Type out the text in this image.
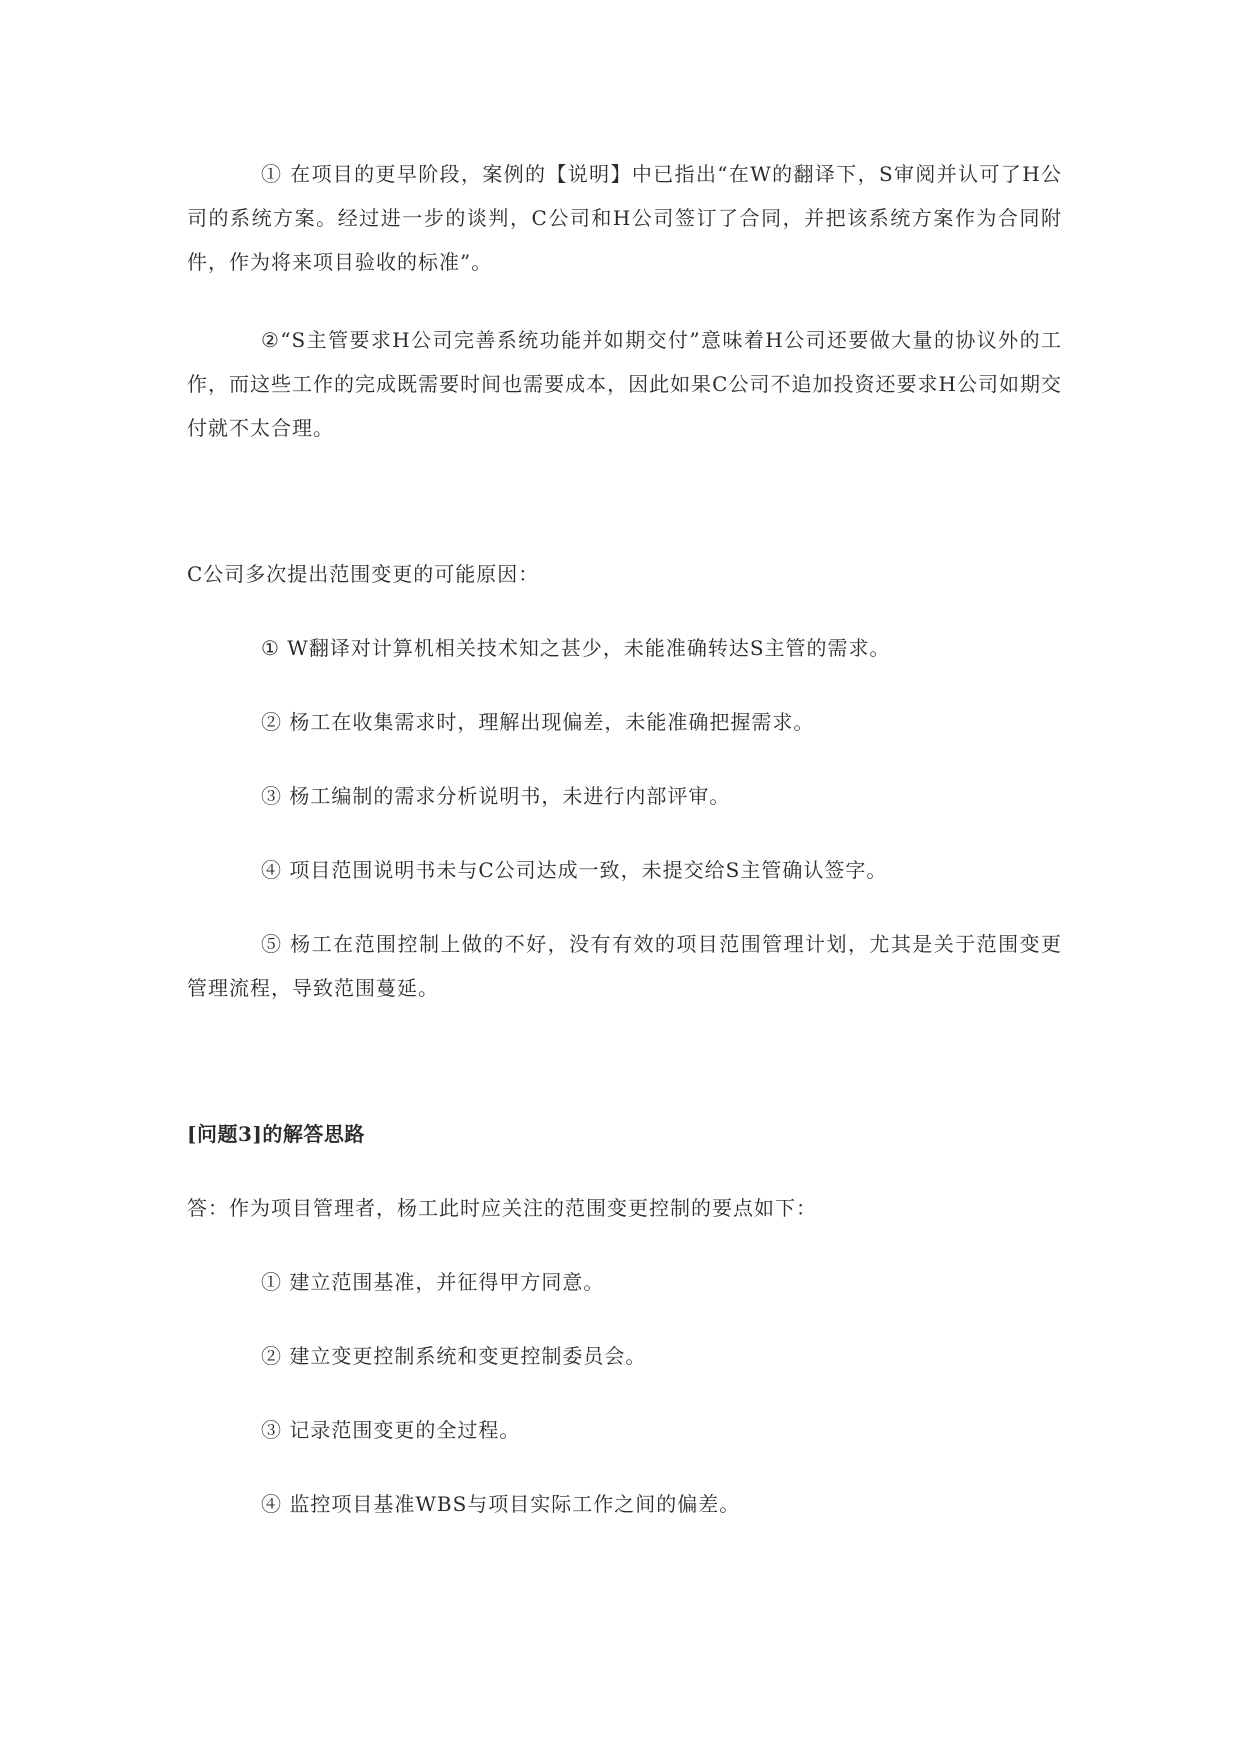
① 在项目的更早阶段，案例的【说明】中已指出“在W的翻译下，S审阅并认可了H公司的系统方案。经过进一步的谈判，C公司和H公司签订了合同，并把该系统方案作为合同附件，作为将来项目验收的标准”。

②“S主管要求H公司完善系统功能并如期交付”意味着H公司还要做大量的协议外的工作，而这些工作的完成既需要时间也需要成本，因此如果C公司不追加投资还要求H公司如期交付就不太合理。

C公司多次提出范围变更的可能原因：

① W翻译对计算机相关技术知之甚少，未能准确转达S主管的需求。

② 杨工在收集需求时，理解出现偏差，未能准确把握需求。

③ 杨工编制的需求分析说明书，未进行内部评审。

④ 项目范围说明书未与C公司达成一致，未提交给S主管确认签字。

⑤ 杨工在范围控制上做的不好，没有有效的项目范围管理计划，尤其是关于范围变更管理流程，导致范围蔓延。

[问题3]的解答思路

答：作为项目管理者，杨工此时应关注的范围变更控制的要点如下：

① 建立范围基准，并征得甲方同意。

② 建立变更控制系统和变更控制委员会。

③ 记录范围变更的全过程。

④ 监控项目基准WBS与项目实际工作之间的偏差。
